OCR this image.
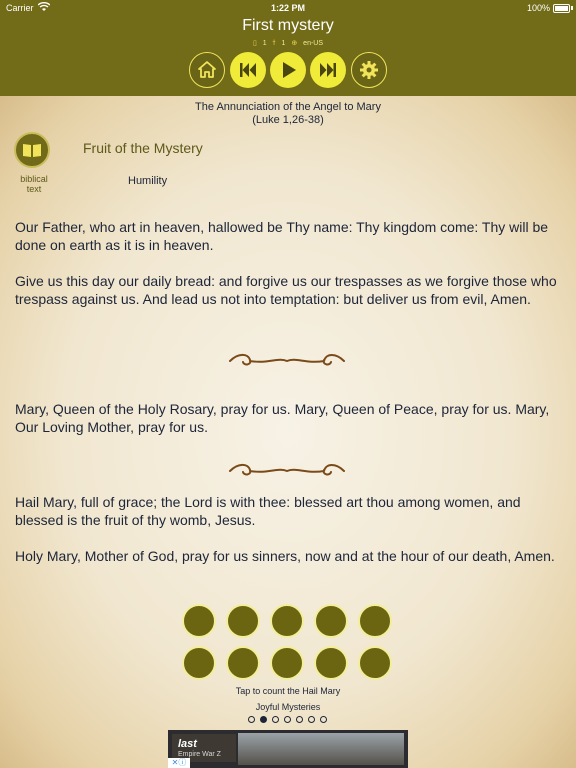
Carrier	1:22 PM	100%
First mystery
▯ 1 ϯ 1 ⊕ en-US
The Annunciation of the Angel to Mary
(Luke 1,26-38)
biblical
text
Fruit of the Mystery
Humility
Our Father, who art in heaven, hallowed be Thy name: Thy kingdom come: Thy will be done on earth as it is in heaven.
Give us this day our daily bread: and forgive us our trespasses as we forgive those who trespass against us. And lead us not into temptation: but deliver us from evil, Amen.
Mary, Queen of the Holy Rosary, pray for us. Mary, Queen of Peace, pray for us. Mary, Our Loving Mother, pray for us.
Hail Mary, full of grace; the Lord is with thee: blessed art thou among women, and blessed is the fruit of thy womb, Jesus.
Holy Mary, Mother of God, pray for us sinners, now and at the hour of our death, Amen.
Tap to count the Hail Mary
Joyful Mysteries
last
Empire War Z
✕ⓘ
